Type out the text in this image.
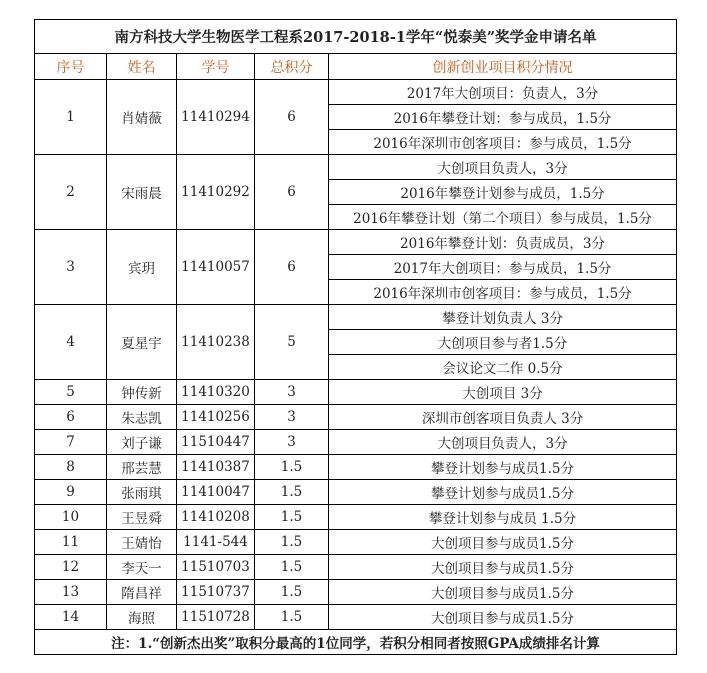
南方科技大学生物医学工程系2017-2018-1学年“悦泰美”奖学金申请名单				
序号	姓名	学号	总积分	创新创业项目积分情况
1	肖婧薇	11410294	6	2017年大创项目：负责人，3分
				2016年攀登计划：参与成员，1.5分
				2016年深圳市创客项目：参与成员，1.5分
2	宋雨晨	11410292	6	大创项目负责人，3分
				2016年攀登计划参与成员，1.5分
				2016年攀登计划（第二个项目）参与成员，1.5分
3	宾玥	11410057	6	2016年攀登计划：负责成员，3分
				2017年大创项目：参与成员，1.5分
				2016年深圳市创客项目：参与成员，1.5分
4	夏星宇	11410238	5	攀登计划负责人 3分
				大创项目参与者1.5分
				会议论文二作 0.5分
5	钟传新	11410320	3	大创项目 3分
6	朱志凯	11410256	3	深圳市创客项目负责人 3分
7	刘子谦	11510447	3	大创项目负责人，3分
8	邢芸慧	11410387	1.5	攀登计划参与成员1.5分
9	张雨琪	11410047	1.5	攀登计划参与成员1.5分
10	王昱舜	11410208	1.5	攀登计划参与成员 1.5分
11	王婧怡	1141-544	1.5	大创项目参与成员1.5分
12	李天一	11510703	1.5	大创项目参与成员1.5分
13	隋昌祥	11510737	1.5	大创项目参与成员1.5分
14	海照	11510728	1.5	大创项目参与成员1.5分
注：1.“创新杰出奖”取积分最高的1位同学，若积分相同者按照GPA成绩排名计算				
